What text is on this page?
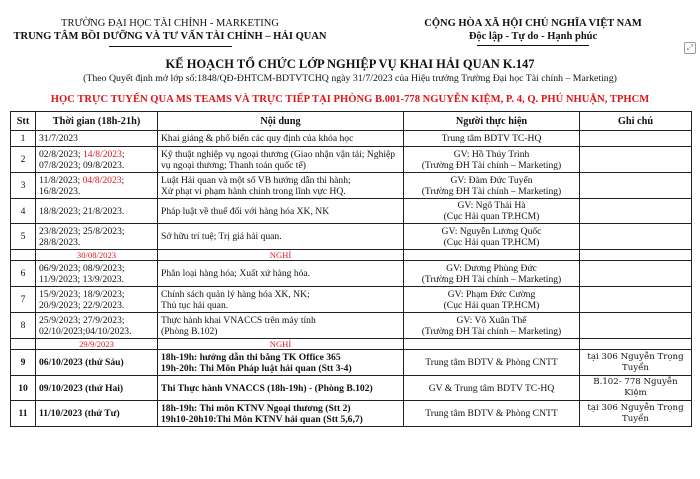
TRƯỜNG ĐẠI HỌC TÀI CHÍNH - MARKETING
TRUNG TÂM BỒI DƯỠNG VÀ TƯ VẤN TÀI CHÍNH – HẢI QUAN
CỘNG HÒA XÃ HỘI CHỦ NGHĨA VIỆT NAM
Độc lập - Tự do - Hạnh phúc
⤢
KẾ HOẠCH TỔ CHỨC LỚP NGHIỆP VỤ KHAI HẢI QUAN K.147
(Theo Quyết định mở lớp số:1848/QĐ-ĐHTCM-BDTVTCHQ ngày 31/7/2023 của Hiệu trưởng Trường Đại học Tài chính – Marketing)
HỌC TRỰC TUYẾN QUA MS TEAMS VÀ TRỰC TIẾP TẠI PHÒNG B.001-778 NGUYỄN KIỆM, P. 4, Q. PHÚ NHUẬN, TPHCM
Stt	Thời gian (18h-21h)	Nội dung	Người thực hiện	Ghi chú
1	31/7/2023	Khai giảng & phổ biến các quy định của khóa học	Trung tâm BDTV TC-HQ	
2	02/8/2023; 14/8/2023;
07/8/2023; 09/8/2023.	Kỹ thuật nghiệp vụ ngoại thương (Giao nhận vận tải; Nghiệp vụ ngoại thương; Thanh toán quốc tế)	GV: Hồ Thúy Trình
(Trường ĐH Tài chính – Marketing)	
3	11/8/2023; 04/8/2023;
16/8/2023.	Luật Hải quan và một số VB hướng dẫn thi hành;
Xử phạt vi phạm hành chính trong lĩnh vực HQ.	GV: Đàm Đức Tuyến
(Trường ĐH Tài chính – Marketing)	
4	18/8/2023; 21/8/2023.	Pháp luật về thuế đối với hàng hóa XK, NK	GV: Ngô Thái Hà
(Cục Hải quan TP.HCM)	
5	23/8/2023; 25/8/2023;
28/8/2023.	Sở hữu trí tuệ; Trị giá hải quan.	GV: Nguyễn Lương Quốc
(Cục Hải quan TP.HCM)	
	30/08/2023	NGHỈ		
6	06/9/2023; 08/9/2023;
11/9/2023; 13/9/2023.	Phân loại hàng hóa; Xuất xứ hàng hóa.	GV: Dương Phùng Đức
(Trường ĐH Tài chính – Marketing)	
7	15/9/2023; 18/9/2023;
20/9/2023; 22/9/2023.	Chính sách quản lý hàng hóa XK, NK;
Thủ tục hải quan.	GV: Phạm Đức Cường
(Cục Hải quan TP.HCM)	
8	25/9/2023; 27/9/2023;
02/10/2023;04/10/2023.	Thực hành khai VNACCS trên máy tính
(Phòng B.102)	GV: Võ Xuân Thế
(Trường ĐH Tài chính – Marketing)	
	29/9/2023	NGHỈ		
9	06/10/2023 (thứ Sáu)	18h-19h: hướng dẫn thi bằng TK Office 365
19h-20h: Thi Môn Pháp luật hải quan (Stt 3-4)	Trung tâm BDTV & Phòng CNTT	tại 306 Nguyễn Trọng Tuyển
10	09/10/2023 (thứ Hai)	Thi Thực hành VNACCS (18h-19h) - (Phòng B.102)	GV & Trung tâm BDTV TC-HQ	B.102- 778 Nguyễn Kiệm
11	11/10/2023 (thứ Tư)	18h-19h: Thi môn KTNV Ngoại thương (Stt 2)
19h10-20h10:Thi Môn KTNV hải quan (Stt 5,6,7)	Trung tâm BDTV & Phòng CNTT	tại 306 Nguyễn Trọng Tuyển
